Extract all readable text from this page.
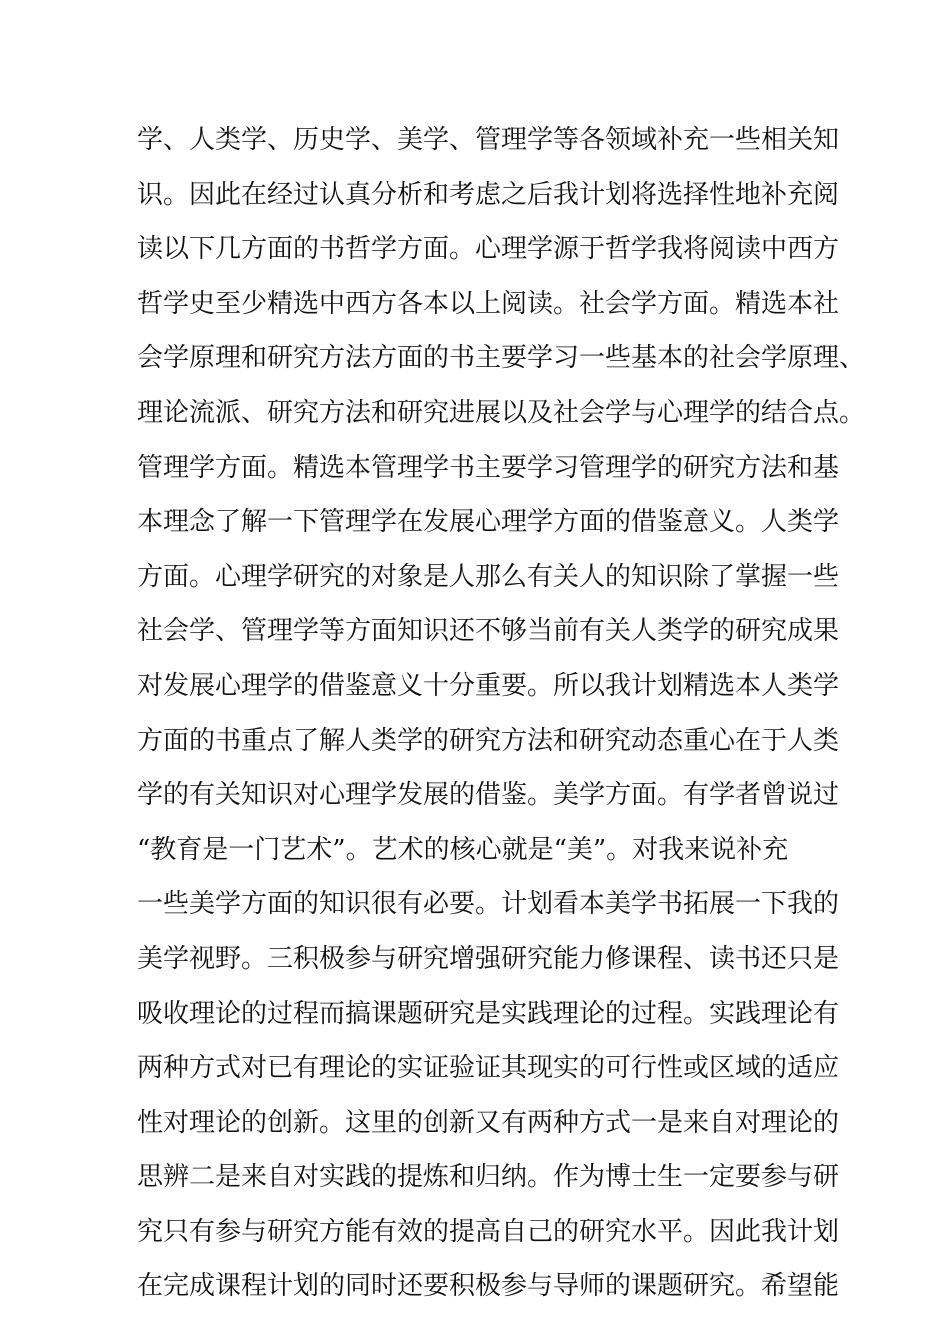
学、人类学、历史学、美学、管理学等各领域补充一些相关知
识。因此在经过认真分析和考虑之后我计划将选择性地补充阅
读以下几方面的书哲学方面。心理学源于哲学我将阅读中西方
哲学史至少精选中西方各本以上阅读。社会学方面。精选本社
会学原理和研究方法方面的书主要学习一些基本的社会学原理、
理论流派、研究方法和研究进展以及社会学与心理学的结合点。
管理学方面。精选本管理学书主要学习管理学的研究方法和基
本理念了解一下管理学在发展心理学方面的借鉴意义。人类学
方面。心理学研究的对象是人那么有关人的知识除了掌握一些
社会学、管理学等方面知识还不够当前有关人类学的研究成果
对发展心理学的借鉴意义十分重要。所以我计划精选本人类学
方面的书重点了解人类学的研究方法和研究动态重心在于人类
学的有关知识对心理学发展的借鉴。美学方面。有学者曾说过
“教育是一门艺术”。艺术的核心就是“美”。对我来说补充
一些美学方面的知识很有必要。计划看本美学书拓展一下我的
美学视野。三积极参与研究增强研究能力修课程、读书还只是
吸收理论的过程而搞课题研究是实践理论的过程。实践理论有
两种方式对已有理论的实证验证其现实的可行性或区域的适应
性对理论的创新。这里的创新又有两种方式一是来自对理论的
思辨二是来自对实践的提炼和归纳。作为博士生一定要参与研
究只有参与研究方能有效的提高自己的研究水平。因此我计划
在完成课程计划的同时还要积极参与导师的课题研究。希望能
